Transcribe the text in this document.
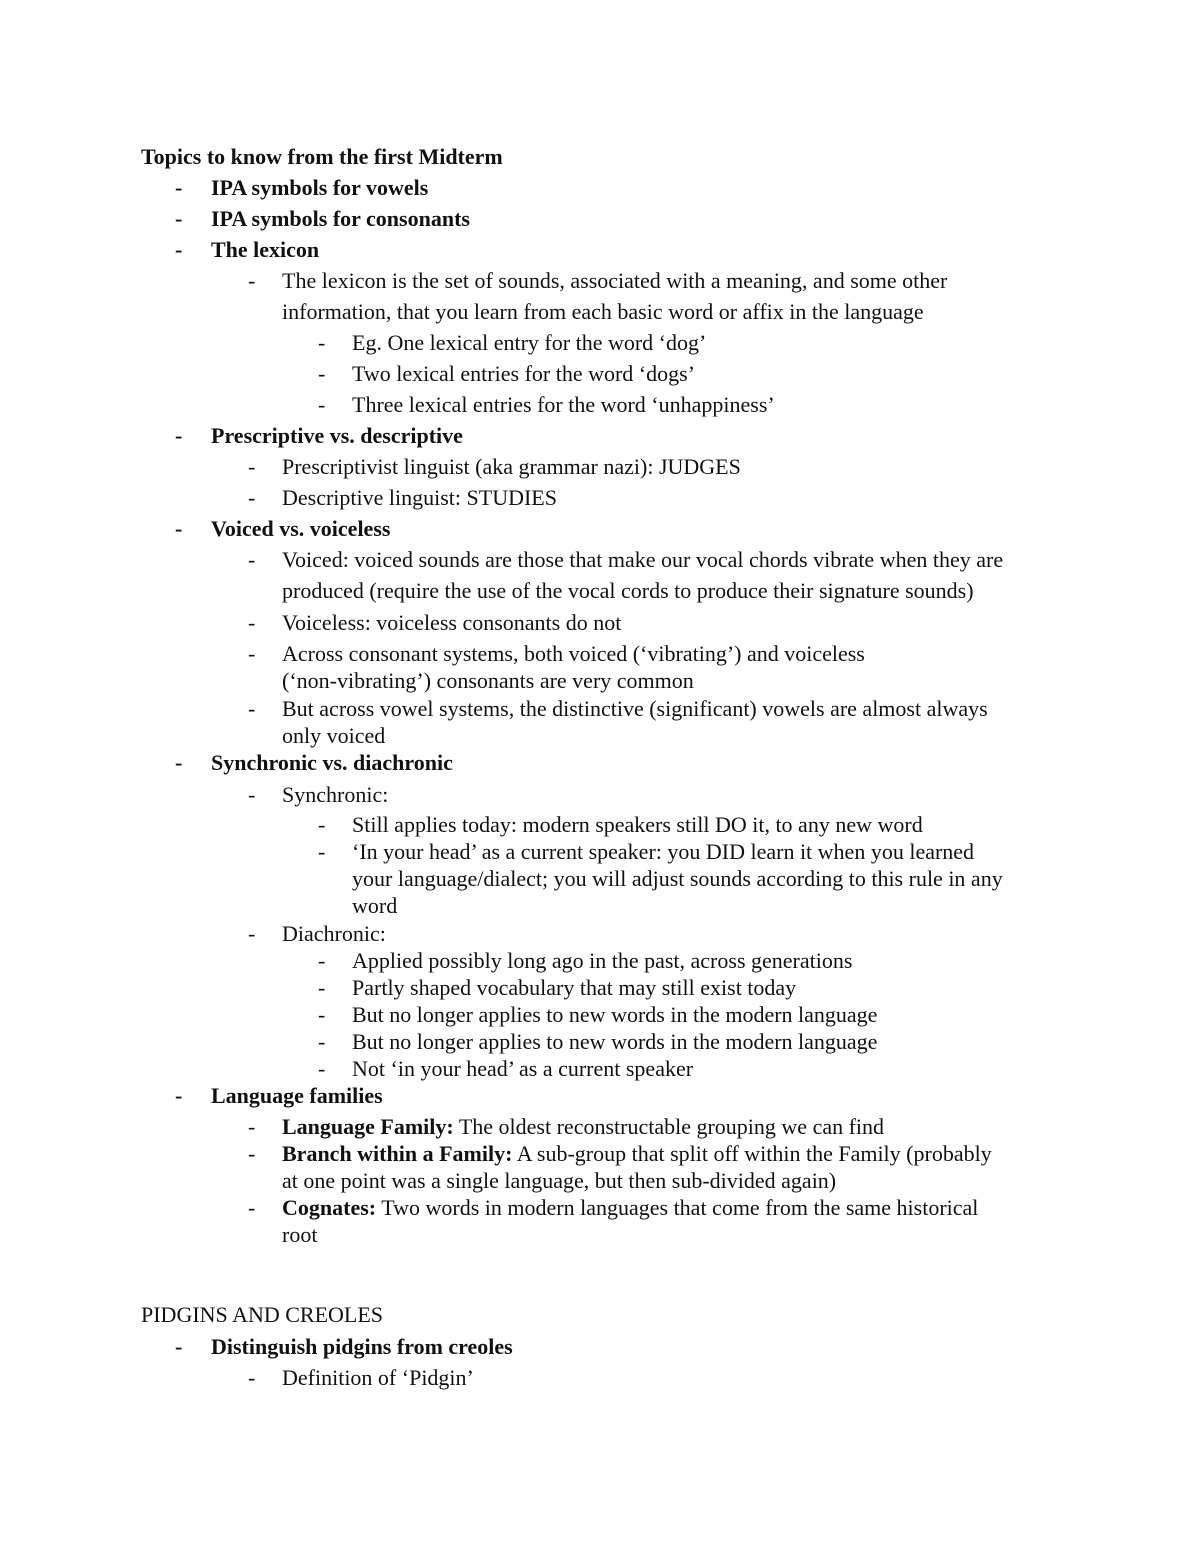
Topics to know from the first Midterm
- IPA symbols for vowels
- IPA symbols for consonants
- The lexicon
- The lexicon is the set of sounds, associated with a meaning, and some other
information, that you learn from each basic word or affix in the language
- Eg. One lexical entry for the word ‘dog’
- Two lexical entries for the word ‘dogs’
- Three lexical entries for the word ‘unhappiness’
- Prescriptive vs. descriptive
- Prescriptivist linguist (aka grammar nazi): JUDGES
- Descriptive linguist: STUDIES
- Voiced vs. voiceless
- Voiced: voiced sounds are those that make our vocal chords vibrate when they are
produced (require the use of the vocal cords to produce their signature sounds)
- Voiceless: voiceless consonants do not
- Across consonant systems, both voiced (‘vibrating’) and voiceless
(‘non-vibrating’) consonants are very common
- But across vowel systems, the distinctive (significant) vowels are almost always
only voiced
- Synchronic vs. diachronic
- Synchronic:
- Still applies today: modern speakers still DO it, to any new word
- ‘In your head’ as a current speaker: you DID learn it when you learned
your language/dialect; you will adjust sounds according to this rule in any
word
- Diachronic:
- Applied possibly long ago in the past, across generations
- Partly shaped vocabulary that may still exist today
- But no longer applies to new words in the modern language
- But no longer applies to new words in the modern language
- Not ‘in your head’ as a current speaker
- Language families
- Language Family: The oldest reconstructable grouping we can find
- Branch within a Family: A sub-group that split off within the Family (probably
at one point was a single language, but then sub-divided again)
- Cognates: Two words in modern languages that come from the same historical
root
PIDGINS AND CREOLES
- Distinguish pidgins from creoles
- Definition of ‘Pidgin’
